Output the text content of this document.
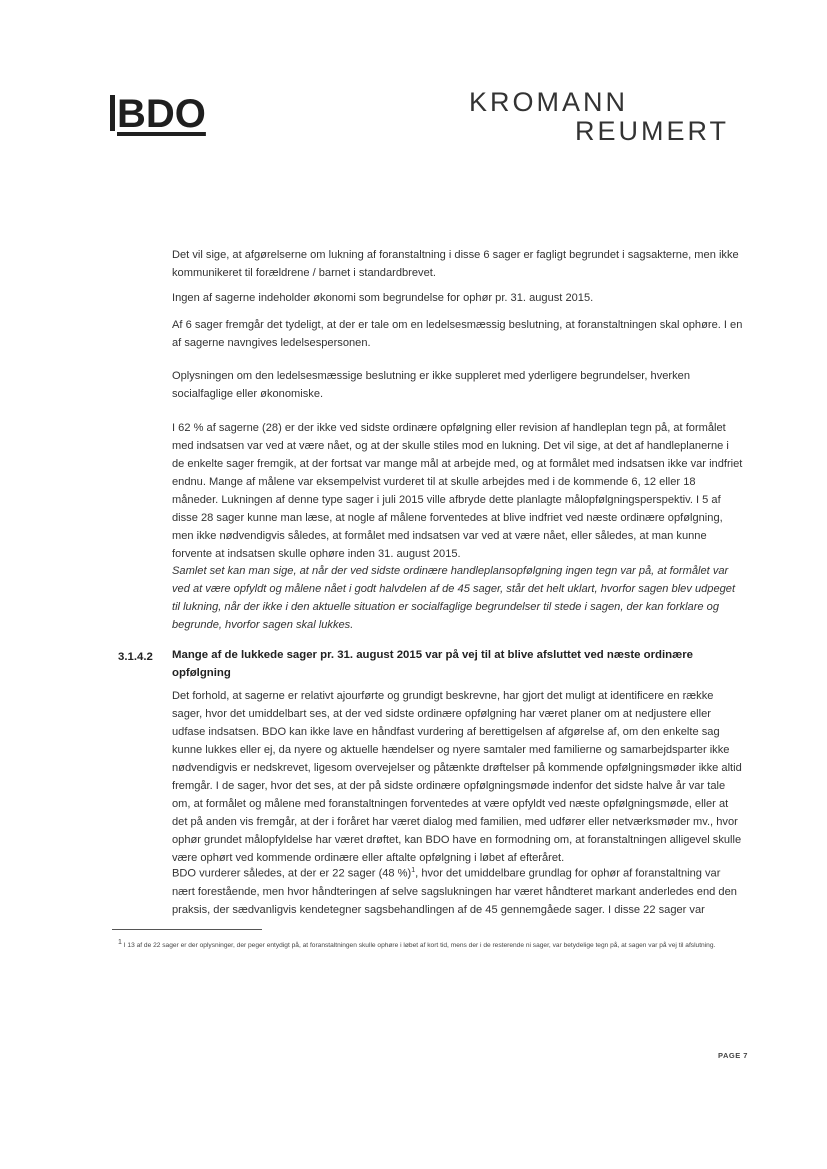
BDO	KROMANN
REUMERT

Det vil sige, at afgørelserne om lukning af foranstaltning i disse 6 sager er fagligt begrundet i sagsakterne, men ikke kommunikeret til forældrene / barnet i standardbrevet.

Ingen af sagerne indeholder økonomi som begrundelse for ophør pr. 31. august 2015.

Af 6 sager fremgår det tydeligt, at der er tale om en ledelsesmæssig beslutning, at foranstaltningen skal ophøre. I en af sagerne navngives ledelsespersonen.

Oplysningen om den ledelsesmæssige beslutning er ikke suppleret med yderligere begrundelser, hverken socialfaglige eller økonomiske.

I 62 % af sagerne (28) er der ikke ved sidste ordinære opfølgning eller revision af handleplan tegn på, at formålet med indsatsen var ved at være nået, og at der skulle stiles mod en lukning. Det vil sige, at det af handleplanerne i de enkelte sager fremgik, at der fortsat var mange mål at arbejde med, og at formålet med indsatsen ikke var indfriet endnu. Mange af målene var eksempelvist vurderet til at skulle arbejdes med i de kommende 6, 12 eller 18 måneder. Lukningen af denne type sager i juli 2015 ville afbryde dette planlagte målopfølgningsperspektiv. I 5 af disse 28 sager kunne man læse, at nogle af målene forventedes at blive indfriet ved næste ordinære opfølgning, men ikke nødvendigvis således, at formålet med indsatsen var ved at være nået, eller således, at man kunne forvente at indsatsen skulle ophøre inden 31. august 2015.

Samlet set kan man sige, at når der ved sidste ordinære handleplansopfølgning ingen tegn var på, at formålet var ved at være opfyldt og målene nået i godt halvdelen af de 45 sager, står det helt uklart, hvorfor sagen blev udpeget til lukning, når der ikke i den aktuelle situation er socialfaglige begrundelser til stede i sagen, der kan forklare og begrunde, hvorfor sagen skal lukkes.

3.1.4.2 Mange af de lukkede sager pr. 31. august 2015 var på vej til at blive afsluttet ved næste ordinære opfølgning

Det forhold, at sagerne er relativt ajourførte og grundigt beskrevne, har gjort det muligt at identificere en række sager, hvor det umiddelbart ses, at der ved sidste ordinære opfølgning har været planer om at nedjustere eller udfase indsatsen. BDO kan ikke lave en håndfast vurdering af berettigelsen af afgørelse af, om den enkelte sag kunne lukkes eller ej, da nyere og aktuelle hændelser og nyere samtaler med familierne og samarbejdsparter ikke nødvendigvis er nedskrevet, ligesom overvejelser og påtænkte drøftelser på kommende opfølgningsmøder ikke altid fremgår. I de sager, hvor det ses, at der på sidste ordinære opfølgningsmøde indenfor det sidste halve år var tale om, at formålet og målene med foranstaltningen forventedes at være opfyldt ved næste opfølgningsmøde, eller at det på anden vis fremgår, at der i foråret har været dialog med familien, med udfører eller netværksmøder mv., hvor ophør grundet målopfyldelse har været drøftet, kan BDO have en formodning om, at foranstaltningen alligevel skulle være ophørt ved kommende ordinære eller aftalte opfølgning i løbet af efteråret.

BDO vurderer således, at der er 22 sager (48 %)$^1$, hvor det umiddelbare grundlag for ophør af foranstaltning var nært forestående, men hvor håndteringen af selve sagslukningen har været håndteret markant anderledes end den praksis, der sædvanligvis kendetegner sagsbehandlingen af de 45 gennemgåede sager. I disse 22 sager var

$^1$ I 13 af de 22 sager er der oplysninger, der peger entydigt på, at foranstaltningen skulle ophøre i løbet af kort tid, mens der i de resterende ni sager, var betydelige tegn på, at sagen var på vej til afslutning.

PAGE 7
